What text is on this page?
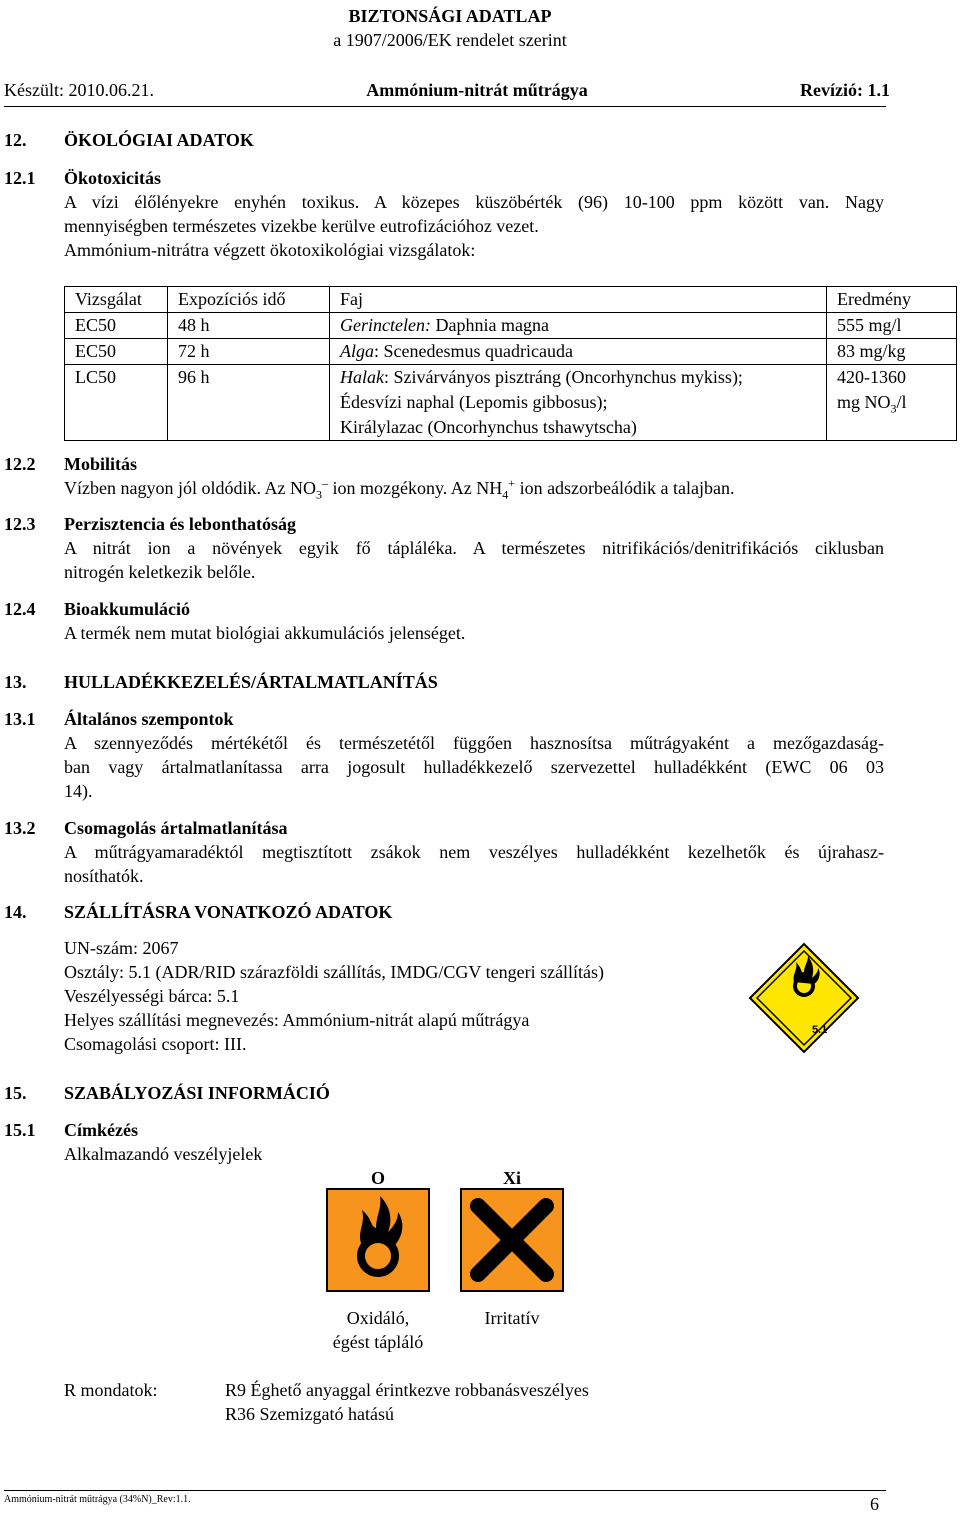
BIZTONSÁGI ADATLAP
a 1907/2006/EK rendelet szerint
Készült: 2010.06.21.	Ammónium-nitrát műtrágya	Revízió: 1.1
12. ÖKOLÓGIAI ADATOK
12.1 Ökotoxicitás
A vízi élőlényekre enyhén toxikus. A közepes küszöbérték (96) 10-100 ppm között van. Nagy
mennyiségben természetes vizekbe kerülve eutrofizációhoz vezet.
Ammónium-nitrátra végzett ökotoxikológiai vizsgálatok:
Vizsgálat	Expozíciós idő	Faj	Eredmény
EC50	48 h	Gerinctelen: Daphnia magna	555 mg/l
EC50	72 h	Alga: Scenedesmus quadricauda	83 mg/kg
LC50	96 h	Halak: Szivárványos pisztráng (Oncorhynchus mykiss);
Édesvízi naphal (Lepomis gibbosus);
Királylazac (Oncorhynchus tshawytscha)	420-1360
mg $NO_3/l$
12.2 Mobilitás
Vízben nagyon jól oldódik. Az $NO_3^-$ ion mozgékony. Az $NH_4^+$ ion adszorbeálódik a talajban.
12.3 Perzisztencia és lebonthatóság
A nitrát ion a növények egyik fő tápláléka. A természetes nitrifikációs/denitrifikációs ciklusban
nitrogén keletkezik belőle.
12.4 Bioakkumuláció
A termék nem mutat biológiai akkumulációs jelenséget.
13. HULLADÉKKEZELÉS/ÁRTALMATLANÍTÁS
13.1 Általános szempontok
A szennyeződés mértékétől és természetétől függően hasznosítsa műtrágyaként a mezőgazdaság-
ban vagy ártalmatlanítassa arra jogosult hulladékkezelő szervezettel hulladékként (EWC 06 03
14).
13.2 Csomagolás ártalmatlanítása
A műtrágyamaradéktól megtisztított zsákok nem veszélyes hulladékként kezelhetők és újrahasz-
nosíthatók.
14. SZÁLLÍTÁSRA VONATKOZÓ ADATOK
UN-szám: 2067
Osztály: 5.1 (ADR/RID szárazföldi szállítás, IMDG/CGV tengeri szállítás)
Veszélyességi bárca: 5.1
Helyes szállítási megnevezés: Ammónium-nitrát alapú műtrágya
Csomagolási csoport: III.
5.1
15. SZABÁLYOZÁSI INFORMÁCIÓ
15.1 Címkézés
Alkalmazandó veszélyjelek
O
Oxidáló,
égést tápláló
Xi
Irritatív
R mondatok:	R9 Éghető anyaggal érintkezve robbanásveszélyes
R36 Szemizgató hatású
Ammónium-nitrát műtrágya (34%N)_Rev:1.1.	6
